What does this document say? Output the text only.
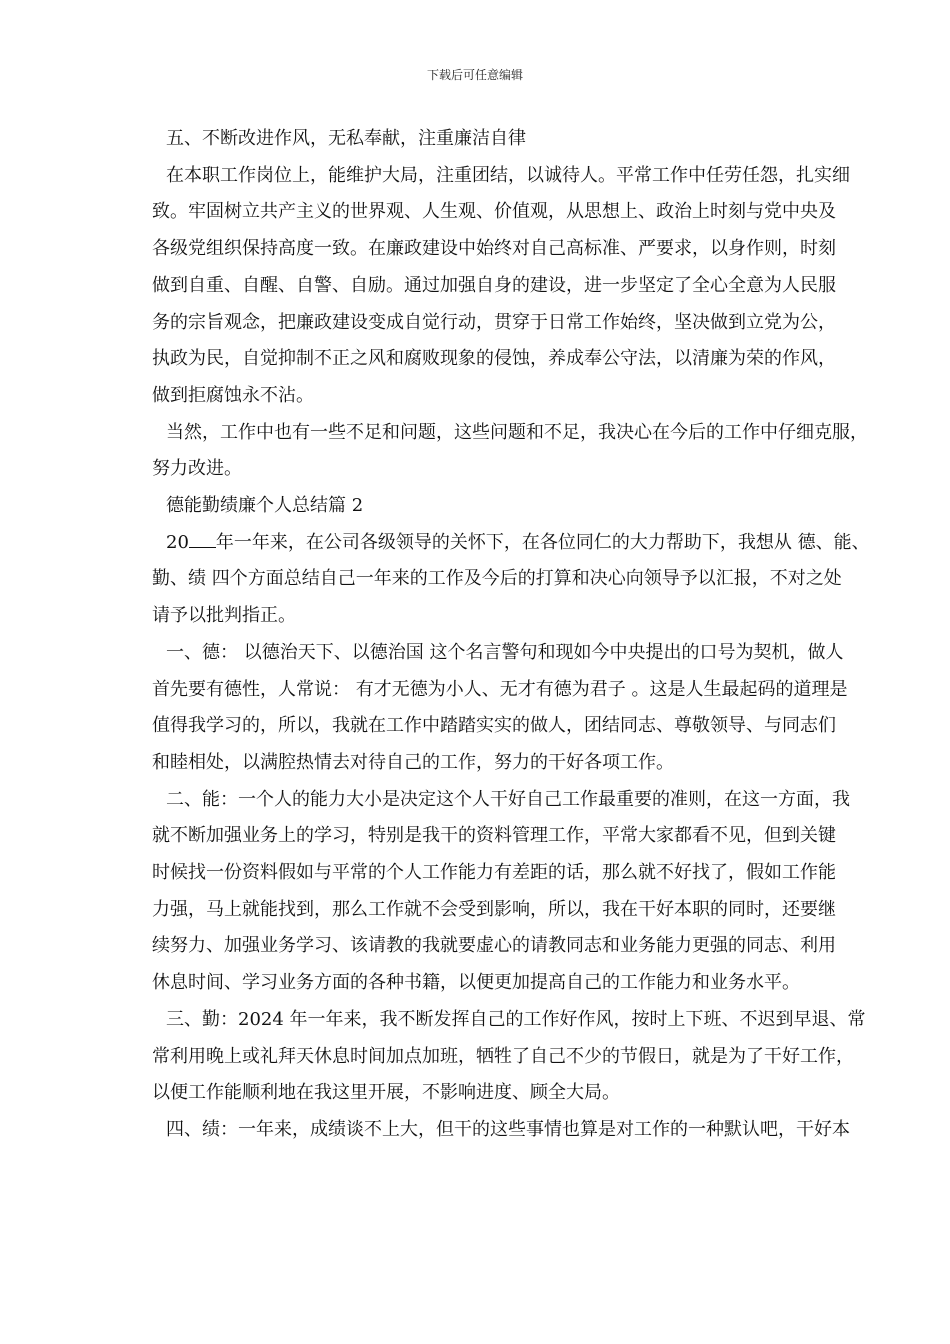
下载后可任意编辑
五、不断改进作风，无私奉献，注重廉洁自律
在本职工作岗位上，能维护大局，注重团结，以诚待人。平常工作中任劳任怨，扎实细
致。牢固树立共产主义的世界观、人生观、价值观，从思想上、政治上时刻与党中央及
各级党组织保持高度一致。在廉政建设中始终对自己高标准、严要求，以身作则，时刻
做到自重、自醒、自警、自励。通过加强自身的建设，进一步坚定了全心全意为人民服
务的宗旨观念，把廉政建设变成自觉行动，贯穿于日常工作始终，坚决做到立党为公，
执政为民，自觉抑制不正之风和腐败现象的侵蚀，养成奉公守法，以清廉为荣的作风，
做到拒腐蚀永不沾。
当然，工作中也有一些不足和问题，这些问题和不足，我决心在今后的工作中仔细克服，
努力改进。
德能勤绩廉个人总结篇 2
20 年一年来，在公司各级领导的关怀下，在各位同仁的大力帮助下，我想从 德、能、
勤、绩 四个方面总结自己一年来的工作及今后的打算和决心向领导予以汇报，不对之处
请予以批判指正。
一、德： 以德治天下、以德治国 这个名言警句和现如今中央提出的口号为契机，做人
首先要有德性，人常说： 有才无德为小人、无才有德为君子 。这是人生最起码的道理是
值得我学习的，所以，我就在工作中踏踏实实的做人，团结同志、尊敬领导、与同志们
和睦相处，以满腔热情去对待自己的工作，努力的干好各项工作。
二、能：一个人的能力大小是决定这个人干好自己工作最重要的准则，在这一方面，我
就不断加强业务上的学习，特别是我干的资料管理工作，平常大家都看不见，但到关键
时候找一份资料假如与平常的个人工作能力有差距的话，那么就不好找了，假如工作能
力强，马上就能找到，那么工作就不会受到影响，所以，我在干好本职的同时，还要继
续努力、加强业务学习、该请教的我就要虚心的请教同志和业务能力更强的同志、利用
休息时间、学习业务方面的各种书籍，以便更加提高自己的工作能力和业务水平。
三、勤：2024 年一年来，我不断发挥自己的工作好作风，按时上下班、不迟到早退、常
常利用晚上或礼拜天休息时间加点加班，牺牲了自己不少的节假日，就是为了干好工作，
以便工作能顺利地在我这里开展，不影响进度、顾全大局。
四、绩：一年来，成绩谈不上大，但干的这些事情也算是对工作的一种默认吧，干好本
